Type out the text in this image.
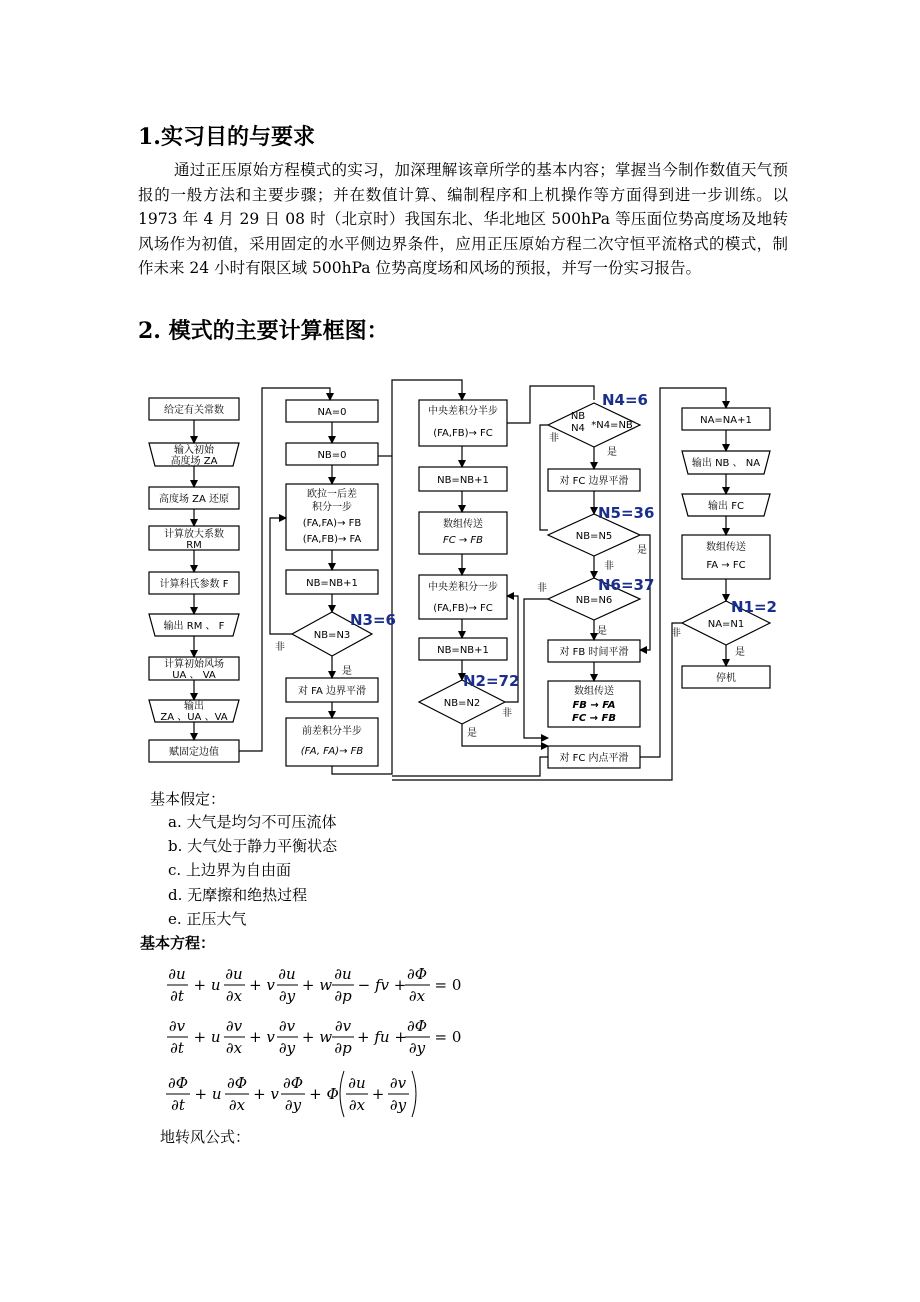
1.实习目的与要求
通过正压原始方程模式的实习，加深理解该章所学的基本内容；掌握当今制作数值天气预报的一般方法和主要步骤；并在数值计算、编制程序和上机操作等方面得到进一步训练。以 1973 年 4 月 29 日 08 时（北京时）我国东北、华北地区 500hPa 等压面位势高度场及地转风场作为初值，采用固定的水平侧边界条件，应用正压原始方程二次守恒平流格式的模式，制作未来 24 小时有限区域 500hPa 位势高度场和风场的预报，并写一份实习报告。
2. 模式的主要计算框图：
给定有关常数
输入初始
高度场 ZA
高度场 ZA 还原
计算放大系数
RM
计算科氏参数 F
输出 RM 、 F
计算初始风场
UA 、 VA
输出
ZA 、UA 、VA
赋固定边值
NA=0
NB=0
欧拉一后差
积分一步
(FA,FA)→ FB
(FA,FB)→ FA
NB=NB+1
NB=N3
非
是
对 FA 边界平滑
前差积分半步
(FA, FA)→ FB
中央差积分半步
(FA,FB)→ FC
NB=NB+1
数组传送
FC → FB
中央差积分一步
(FA,FB)→ FC
NB=NB+1
NB=N2
非
是
NB
N4 *N4=NB
非
是
对 FC 边界平滑
NB=N5
是
非
NB=N6
非
是
对 FB 时间平滑
数组传送
FB → FA
FC → FB
对 FC 内点平滑
NA=NA+1
输出 NB 、 NA
输出 FC
数组传送
FA → FC
NA=N1
非
是
停机
N3=6
N2=72
N4=6
N5=36
N6=37
N1=2
基本假定：
a. 大气是均匀不可压流体
b. 大气处于静力平衡状态
c. 上边界为自由面
d. 无摩擦和绝热过程
e. 正压大气
基本方程：
∂u
∂t
+ u
∂u
∂x
+ v
∂u
∂y
+ w
∂u
∂p
− fv +
∂Φ
∂x
= 0
∂v
∂t
+ u
∂v
∂x
+ v
∂v
∂y
+ w
∂v
∂p
+ fu +
∂Φ
∂y
= 0
∂Φ
∂t
+ u
∂Φ
∂x
+ v
∂Φ
∂y
+ Φ
∂u
∂x
+
∂v
∂y
地转风公式：
